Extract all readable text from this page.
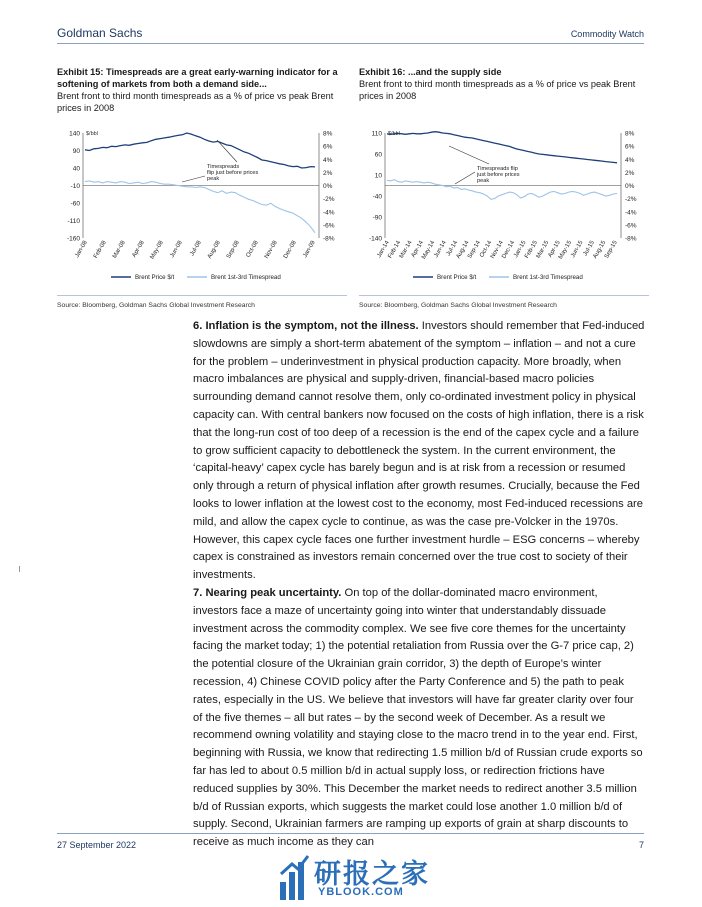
Goldman Sachs	Commodity Watch

Exhibit 15: Timespreads are a great early-warning indicator for a softening of markets from both a demand side...

Brent front to third month timespreads as a % of price vs peak Brent prices in 2008

Exhibit 16: ...and the supply side

Brent front to third month timespreads as a % of price vs peak Brent prices in 2008

$/bbl
140
90
40
-10
-60
-110
-160
8%
6%
4%
2%
0%
-2%
-4%
-6%
-8%
Jan-08 Feb-08 Mar-08 Apr-08 May-08 Jun-08 Jul-08 Aug-08 Sep-08 Oct-08 Nov-08 Dec-08 Jan-09
Timespreads flip just before prices peak
Brent Price $/t	Brent 1st-3rd Timespread
$/bbl
110
60
10
-40
-90
-140
8%
6%
4%
2%
0%
-2%
-4%
-6%
-8%
Jan-14
Feb-14
Mar-14
Apr-14
May-14
Jun-14
Jul-14
Aug-14
Sep-14
Oct-14
Nov-14
Dec-14
Jan-15
Feb-15
Mar-15
Apr-15
May-15
Jun-15
Jul-15
Aug-15
Sep-15
Timespreads flip just before prices peak
Brent Price $/t	Brent 1st-3rd Timespread
Source: Bloomberg, Goldman Sachs Global Investment Research	Source: Bloomberg, Goldman Sachs Global Investment Research

6. Inflation is the symptom, not the illness. Investors should remember that Fed-induced slowdowns are simply a short-term abatement of the symptom – inflation – and not a cure for the problem – underinvestment in physical production capacity. More broadly, when macro imbalances are physical and supply-driven, financial-based macro policies surrounding demand cannot resolve them, only co-ordinated investment policy in physical capacity can. With central bankers now focused on the costs of high inflation, there is a risk that the long-run cost of too deep of a recession is the end of the capex cycle and a failure to grow sufficient capacity to debottleneck the system. In the current environment, the ‘capital-heavy’ capex cycle has barely begun and is at risk from a recession or resumed only through a return of physical inflation after growth resumes. Crucially, because the Fed looks to lower inflation at the lowest cost to the economy, most Fed-induced recessions are mild, and allow the capex cycle to continue, as was the case pre-Volcker in the 1970s. However, this capex cycle faces one further investment hurdle – ESG concerns – whereby capex is constrained as investors remain concerned over the true cost to society of their investments.

7. Nearing peak uncertainty. On top of the dollar-dominated macro environment, investors face a maze of uncertainty going into winter that understandably dissuade investment across the commodity complex. We see five core themes for the uncertainty facing the market today; 1) the potential retaliation from Russia over the G-7 price cap, 2) the potential closure of the Ukrainian grain corridor, 3) the depth of Europe’s winter recession, 4) Chinese COVID policy after the Party Conference and 5) the path to peak rates, especially in the US. We believe that investors will have far greater clarity over four of the five themes – all but rates – by the second week of December. As a result we recommend owning volatility and staying close to the macro trend in to the year end. First, beginning with Russia, we know that redirecting 1.5 million b/d of Russian crude exports so far has led to about 0.5 million b/d in actual supply loss, or redirection frictions have reduced supplies by 30%. This December the market needs to redirect another 3.5 million b/d of Russian exports, which suggests the market could lose another 1.0 million b/d of supply. Second, Ukrainian farmers are ramping up exports of grain at sharp discounts to receive as much income as they can

27 September 2022	7
研报之家
YBLOOK.COM
